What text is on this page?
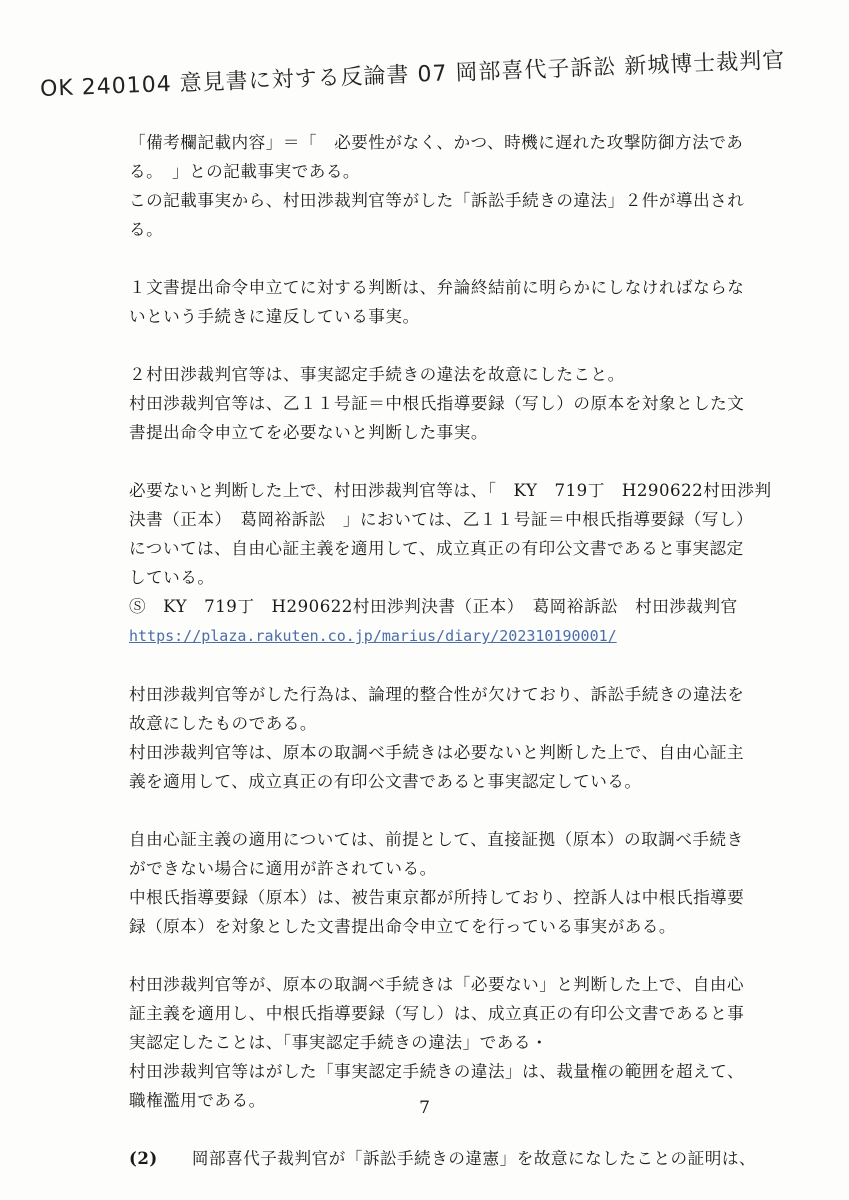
OK 240104 意見書に対する反論書 07 岡部喜代子訴訟 新城博士裁判官

「備考欄記載内容」＝「　必要性がなく、かつ、時機に遅れた攻撃防御方法であ

る。　」との記載事実である。

この記載事実から、村田渉裁判官等がした「訴訟手続きの違法」２件が導出され

る。

１文書提出命令申立てに対する判断は、弁論終結前に明らかにしなければならな

いという手続きに違反している事実。

２村田渉裁判官等は、事実認定手続きの違法を故意にしたこと。

村田渉裁判官等は、乙１１号証＝中根氏指導要録（写し）の原本を対象とした文

書提出命令申立てを必要ないと判断した事実。

必要ないと判断した上で、村田渉裁判官等は、「　KY　719丁　H290622村田渉判

決書（正本）　葛岡裕訴訟　」においては、乙１１号証＝中根氏指導要録（写し）

については、自由心証主義を適用して、成立真正の有印公文書であると事実認定

している。

Ⓢ　KY　719丁　H290622村田渉判決書（正本）　葛岡裕訴訟　村田渉裁判官

https://plaza.rakuten.co.jp/marius/diary/202310190001/

村田渉裁判官等がした行為は、論理的整合性が欠けており、訴訟手続きの違法を

故意にしたものである。

村田渉裁判官等は、原本の取調べ手続きは必要ないと判断した上で、自由心証主

義を適用して、成立真正の有印公文書であると事実認定している。

自由心証主義の適用については、前提として、直接証拠（原本）の取調べ手続き

ができない場合に適用が許されている。

中根氏指導要録（原本）は、被告東京都が所持しており、控訴人は中根氏指導要

録（原本）を対象とした文書提出命令申立てを行っている事実がある。

村田渉裁判官等が、原本の取調べ手続きは「必要ない」と判断した上で、自由心

証主義を適用し、中根氏指導要録（写し）は、成立真正の有印公文書であると事

実認定したことは、「事実認定手続きの違法」である・

村田渉裁判官等はがした「事実認定手続きの違法」は、裁量権の範囲を超えて、

職権濫用である。

(2)　　岡部喜代子裁判官が「訴訟手続きの違憲」を故意になしたことの証明は、

7
